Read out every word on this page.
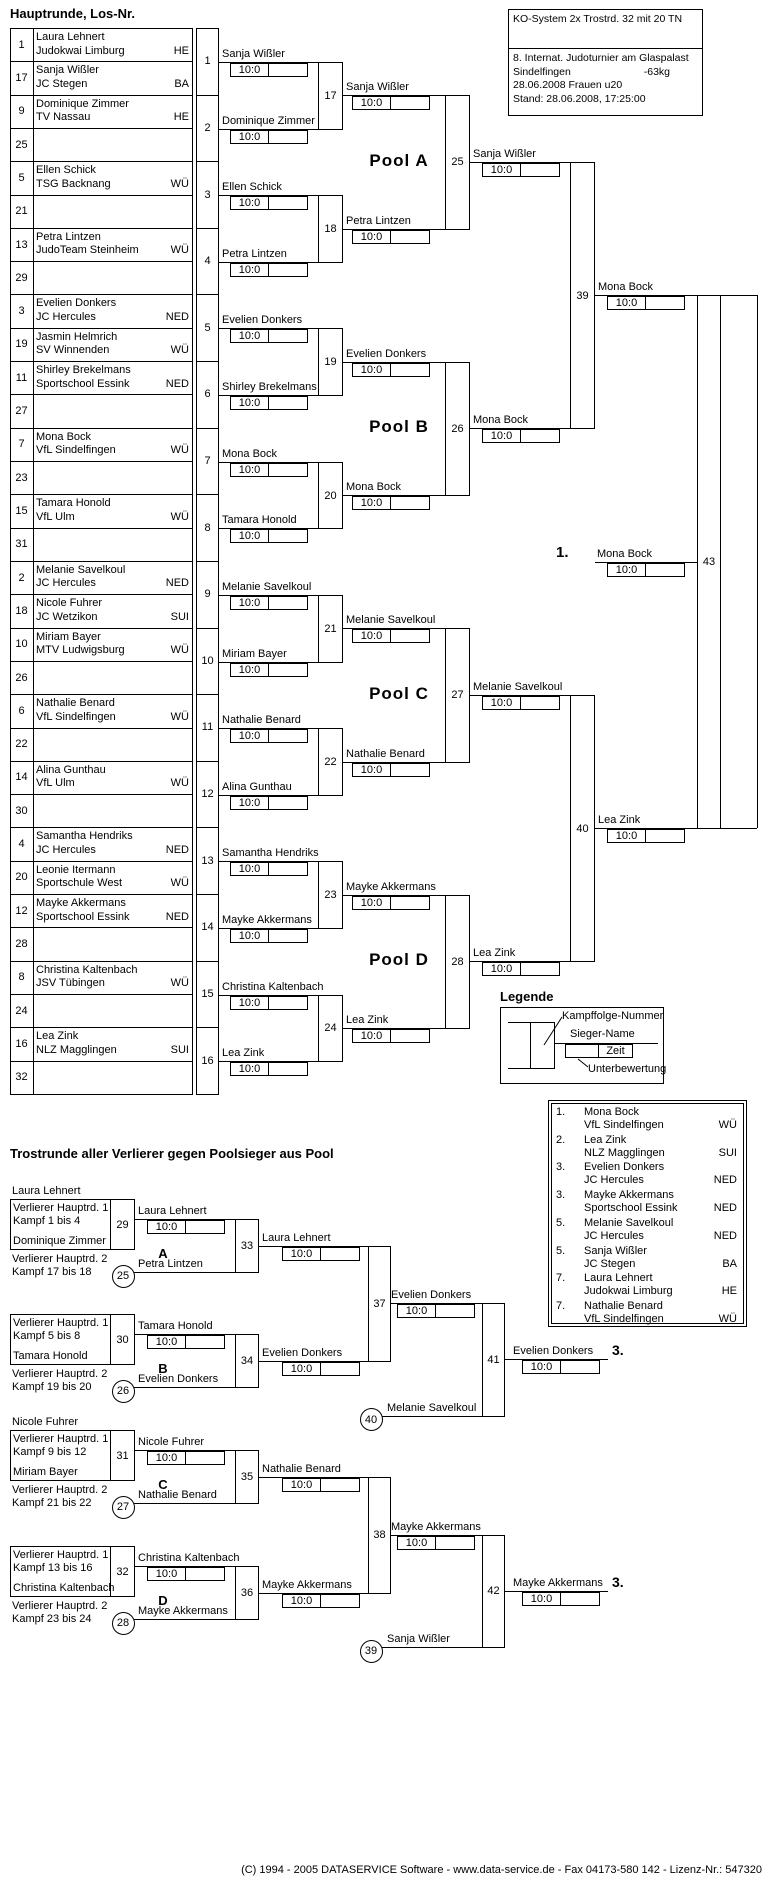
Hauptrunde, Los-Nr.	KO-System 2x Trostrd. 32 mit 20 TN
8. Internat. Judoturnier am Glaspalast
Sindelfingen	-63kg
28.06.2008 Frauen u20
Stand: 28.06.2008, 17:25:00
Legende
Zeit
Kampffolge-Nummer
Sieger-Name
Unterbewertung
Trostrunde aller Verlierer gegen Poolsieger aus Pool
(C) 1994 - 2005 DATASERVICE Software - www.data-service.de - Fax 04173-580 142 - Lizenz-Nr.: 547320
1
Laura Lehnert
Judokwai Limburg	HE
17
Sanja Wißler
JC Stegen	BA
9
Dominique Zimmer
TV Nassau	HE
25
5
Ellen Schick
TSG Backnang	WÜ
21
13
Petra Lintzen
JudoTeam Steinheim	WÜ
29
3
Evelien Donkers
JC Hercules	NED
19
Jasmin Helmrich
SV Winnenden	WÜ
11
Shirley Brekelmans
Sportschool Essink	NED
27
7
Mona Bock
VfL Sindelfingen	WÜ
23
15
Tamara Honold
VfL Ulm	WÜ
31
2
Melanie Savelkoul
JC Hercules	NED
18
Nicole Fuhrer
JC Wetzikon	SUI
10
Miriam Bayer
MTV Ludwigsburg	WÜ
26
6
Nathalie Benard
VfL Sindelfingen	WÜ
22
14
Alina Gunthau
VfL Ulm	WÜ
30
4
Samantha Hendriks
JC Hercules	NED
20
Leonie Itermann
Sportschule West	WÜ
12
Mayke Akkermans
Sportschool Essink	NED
28
8
Christina Kaltenbach
JSV Tübingen	WÜ
24
16
Lea Zink
NLZ Magglingen	SUI
32
1
2
3
4
5
6
7
8
9
10
11
12
13
14
15
16
Sanja Wißler
10:0
Dominique Zimmer
10:0
Ellen Schick
10:0
Petra Lintzen
10:0
Evelien Donkers
10:0
Shirley Brekelmans
10:0
Mona Bock
10:0
Tamara Honold
10:0
Melanie Savelkoul
10:0
Miriam Bayer
10:0
Nathalie Benard
10:0
Alina Gunthau
10:0
Samantha Hendriks
10:0
Mayke Akkermans
10:0
Christina Kaltenbach
10:0
Lea Zink
10:0
17
Sanja Wißler
10:0
18
Petra Lintzen
10:0
19
Evelien Donkers
10:0
20
Mona Bock
10:0
21
Melanie Savelkoul
10:0
22
Nathalie Benard
10:0
23
Mayke Akkermans
10:0
24
Lea Zink
10:0
25
Pool A	Sanja Wißler
10:0
26
Pool B	Mona Bock
10:0
27
Pool C	Melanie Savelkoul
10:0
28
Pool D	Lea Zink
10:0
39
Mona Bock
10:0
40
Lea Zink
10:0
43
1.	Mona Bock
10:0
1. Mona Bock
VfL Sindelfingen	WÜ
2. Lea Zink
NLZ Magglingen	SUI
3. Evelien Donkers
JC Hercules	NED
3. Mayke Akkermans
Sportschool Essink	NED
5. Melanie Savelkoul
JC Hercules	NED
5. Sanja Wißler
JC Stegen	BA
7. Laura Lehnert
Judokwai Limburg	HE
7. Nathalie Benard
VfL Sindelfingen	WÜ
Laura Lehnert
29
Verlierer Hauptrd. 1
Kampf 1 bis 4
Dominique Zimmer
Verlierer Hauptrd. 2
Kampf 17 bis 18	25
Laura Lehnert
10:0
A
Petra Lintzen
33
30
Verlierer Hauptrd. 1
Kampf 5 bis 8
Tamara Honold
Verlierer Hauptrd. 2
Kampf 19 bis 20	26
Tamara Honold
10:0
B
Evelien Donkers
34
Nicole Fuhrer
31
Verlierer Hauptrd. 1
Kampf 9 bis 12
Miriam Bayer
Verlierer Hauptrd. 2
Kampf 21 bis 22	27
Nicole Fuhrer
10:0
C
Nathalie Benard
35
32
Verlierer Hauptrd. 1
Kampf 13 bis 16
Christina Kaltenbach
Verlierer Hauptrd. 2
Kampf 23 bis 24	28
Christina Kaltenbach
10:0
D
Mayke Akkermans
36
Laura Lehnert
10:0
Evelien Donkers
10:0
Nathalie Benard
10:0
Mayke Akkermans
10:0
37
38
Evelien Donkers
10:0
Mayke Akkermans
10:0
40
Melanie Savelkoul
41
Evelien Donkers
10:0
3.
39
Sanja Wißler
42
Mayke Akkermans
10:0
3.
